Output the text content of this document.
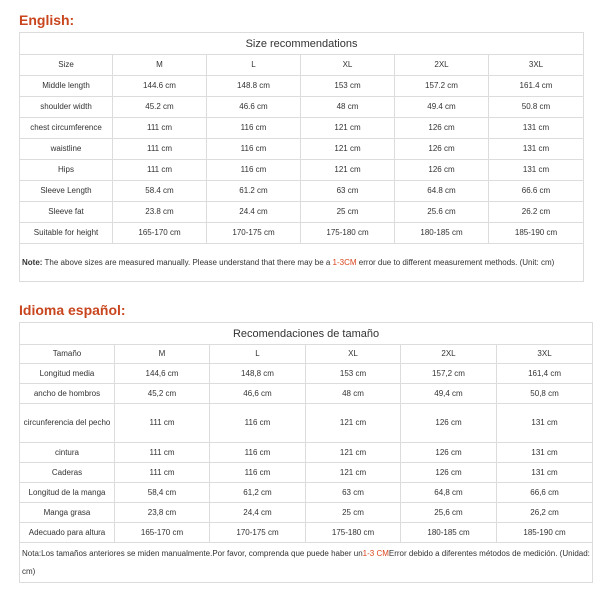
English:
Size recommendations					
Size	M	L	XL	2XL	3XL
Middle length	144.6 cm	148.8 cm	153 cm	157.2 cm	161.4 cm
shoulder width	45.2 cm	46.6 cm	48 cm	49.4 cm	50.8 cm
chest circumference	111 cm	116 cm	121 cm	126 cm	131 cm
waistline	111 cm	116 cm	121 cm	126 cm	131 cm
Hips	111 cm	116 cm	121 cm	126 cm	131 cm
Sleeve Length	58.4 cm	61.2 cm	63 cm	64.8 cm	66.6 cm
Sleeve fat	23.8 cm	24.4 cm	25 cm	25.6 cm	26.2 cm
Suitable for height	165-170 cm	170-175 cm	175-180 cm	180-185 cm	185-190 cm
Note: The above sizes are measured manually. Please understand that there may be a 1-3CM error due to different measurement methods. (Unit: cm)					
Idioma español:
Recomendaciones de tamaño					
Tamaño	M	L	XL	2XL	3XL
Longitud media	144,6 cm	148,8 cm	153 cm	157,2 cm	161,4 cm
ancho de hombros	45,2 cm	46,6 cm	48 cm	49,4 cm	50,8 cm
circunferencia del pecho	111 cm	116 cm	121 cm	126 cm	131 cm
cintura	111 cm	116 cm	121 cm	126 cm	131 cm
Caderas	111 cm	116 cm	121 cm	126 cm	131 cm
Longitud de la manga	58,4 cm	61,2 cm	63 cm	64,8 cm	66,6 cm
Manga grasa	23,8 cm	24,4 cm	25 cm	25,6 cm	26,2 cm
Adecuado para altura	165-170 cm	170-175 cm	175-180 cm	180-185 cm	185-190 cm
Nota:Los tamaños anteriores se miden manualmente.Por favor, comprenda que puede haber un1-3 CMError debido a diferentes métodos de medición. (Unidad: cm)					
